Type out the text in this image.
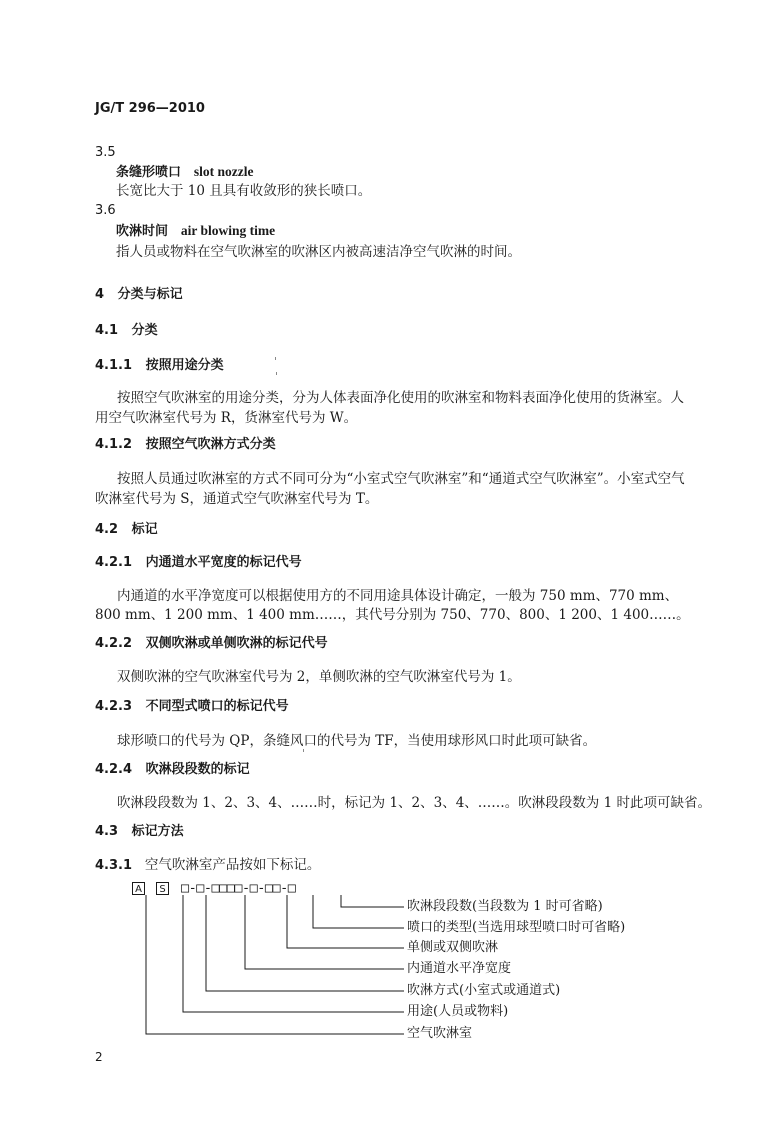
JG/T 296—2010
3.5
条缝形喷口 slot nozzle
长宽比大于 10 且具有收敛形的狭长喷口。
3.6
吹淋时间 air blowing time
指人员或物料在空气吹淋室的吹淋区内被高速洁净空气吹淋的时间。
4 分类与标记
4.1 分类
4.1.1 按照用途分类
按照空气吹淋室的用途分类，分为人体表面净化使用的吹淋室和物料表面净化使用的货淋室。人
用空气吹淋室代号为 R，货淋室代号为 W。
4.1.2 按照空气吹淋方式分类
按照人员通过吹淋室的方式不同可分为“小室式空气吹淋室”和“通道式空气吹淋室”。小室式空气
吹淋室代号为 S，通道式空气吹淋室代号为 T。
4.2 标记
4.2.1 内通道水平宽度的标记代号
内通道的水平净宽度可以根据使用方的不同用途具体设计确定，一般为 750 mm、770 mm、
800 mm、1 200 mm、1 400 mm……，其代号分别为 750、770、800、1 200、1 400……。
4.2.2 双侧吹淋或单侧吹淋的标记代号
双侧吹淋的空气吹淋室代号为 2，单侧吹淋的空气吹淋室代号为 1。
4.2.3 不同型式喷口的标记代号
球形喷口的代号为 QP，条缝风口的代号为 TF，当使用球形风口时此项可缺省。
4.2.4 吹淋段段数的标记
吹淋段段数为 1、2、3、4、……时，标记为 1、2、3、4、……。吹淋段段数为 1 时此项可缺省。
4.3 标记方法
4.3.1 空气吹淋室产品按如下标记。
A	S □-□-□□□□-□-□□-□
吹淋段段数(当段数为 1 时可省略)
喷口的类型(当选用球型喷口时可省略)
单侧或双侧吹淋
内通道水平净宽度
吹淋方式(小室式或通道式)
用途(人员或物料)
空气吹淋室
2
